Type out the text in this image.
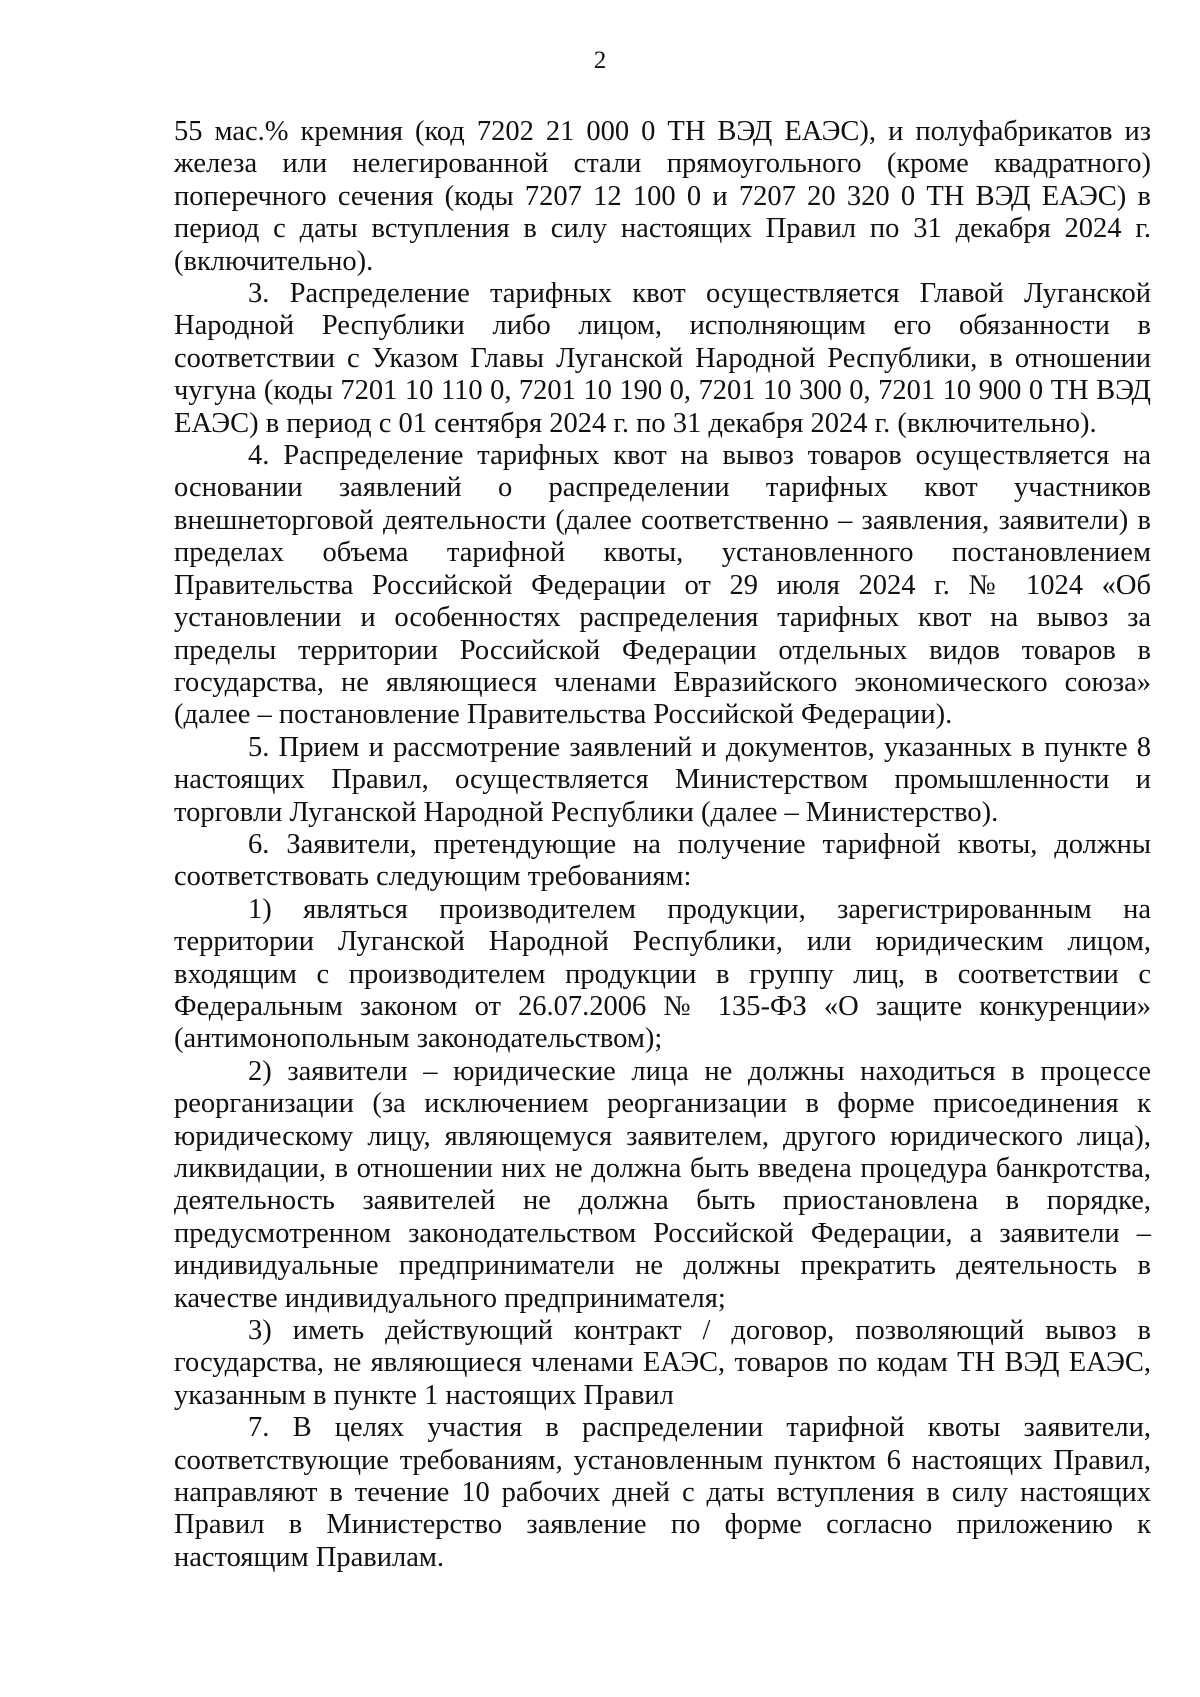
2

55 мас.% кремния (код 7202 21 000 0 ТН ВЭД ЕАЭС), и полуфабрикатов из железа или нелегированной стали прямоугольного (кроме квадратного) поперечного сечения (коды 7207 12 100 0 и 7207 20 320 0 ТН ВЭД ЕАЭС) в период с даты вступления в силу настоящих Правил по 31 декабря 2024 г. (включительно).

3. Распределение тарифных квот осуществляется Главой Луганской Народной Республики либо лицом, исполняющим его обязанности в соответствии с Указом Главы Луганской Народной Республики, в отношении чугуна (коды 7201 10 110 0, 7201 10 190 0, 7201 10 300 0, 7201 10 900 0 ТН ВЭД ЕАЭС) в период с 01 сентября 2024 г. по 31 декабря 2024 г. (включительно).

4. Распределение тарифных квот на вывоз товаров осуществляется на основании заявлений о распределении тарифных квот участников внешнеторговой деятельности (далее соответственно – заявления, заявители) в пределах объема тарифной квоты, установленного постановлением Правительства Российской Федерации от 29 июля 2024 г. № 1024 «Об установлении и особенностях распределения тарифных квот на вывоз за пределы территории Российской Федерации отдельных видов товаров в государства, не являющиеся членами Евразийского экономического союза» (далее – постановление Правительства Российской Федерации).

5. Прием и рассмотрение заявлений и документов, указанных в пункте 8 настоящих Правил, осуществляется Министерством промышленности и торговли Луганской Народной Республики (далее – Министерство).

6. Заявители, претендующие на получение тарифной квоты, должны соответствовать следующим требованиям:

1) являться производителем продукции, зарегистрированным на территории Луганской Народной Республики, или юридическим лицом, входящим с производителем продукции в группу лиц, в соответствии с Федеральным законом от 26.07.2006 № 135-ФЗ «О защите конкуренции» (антимонопольным законодательством);

2) заявители – юридические лица не должны находиться в процессе реорганизации (за исключением реорганизации в форме присоединения к юридическому лицу, являющемуся заявителем, другого юридического лица), ликвидации, в отношении них не должна быть введена процедура банкротства, деятельность заявителей не должна быть приостановлена в порядке, предусмотренном законодательством Российской Федерации, а заявители – индивидуальные предприниматели не должны прекратить деятельность в качестве индивидуального предпринимателя;

3) иметь действующий контракт / договор, позволяющий вывоз в государства, не являющиеся членами ЕАЭС, товаров по кодам ТН ВЭД ЕАЭС, указанным в пункте 1 настоящих Правил

7. В целях участия в распределении тарифной квоты заявители, соответствующие требованиям, установленным пунктом 6 настоящих Правил, направляют в течение 10 рабочих дней с даты вступления в силу настоящих Правил в Министерство заявление по форме согласно приложению к настоящим Правилам.
